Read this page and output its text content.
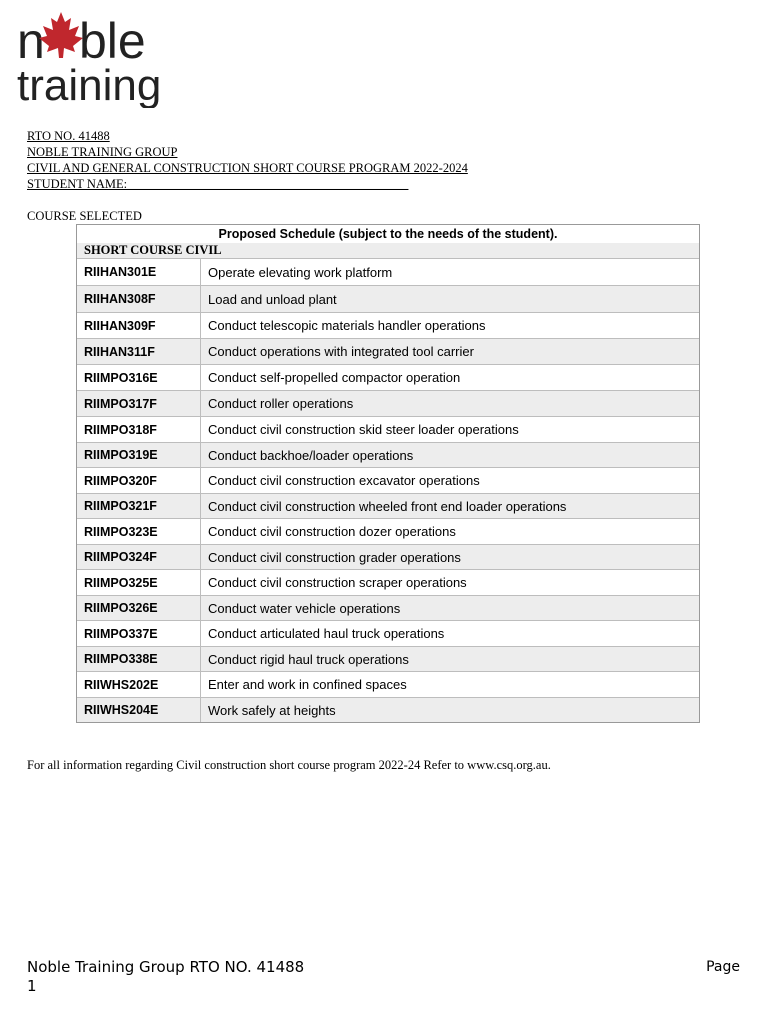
n ble
training
RTO NO. 41488
NOBLE TRAINING GROUP
CIVIL AND GENERAL CONSTRUCTION SHORT COURSE PROGRAM 2022-2024
STUDENT NAME:_____________________________________________
COURSE SELECTED
Proposed Schedule (subject to the needs of the student).
SHORT COURSE CIVIL
RIIHAN301E	Operate elevating work platform
RIIHAN308F	Load and unload plant
RIIHAN309F	Conduct telescopic materials handler operations
RIIHAN311F	Conduct operations with integrated tool carrier
RIIMPO316E	Conduct self-propelled compactor operation
RIIMPO317F	Conduct roller operations
RIIMPO318F	Conduct civil construction skid steer loader operations
RIIMPO319E	Conduct backhoe/loader operations
RIIMPO320F	Conduct civil construction excavator operations
RIIMPO321F	Conduct civil construction wheeled front end loader operations
RIIMPO323E	Conduct civil construction dozer operations
RIIMPO324F	Conduct civil construction grader operations
RIIMPO325E	Conduct civil construction scraper operations
RIIMPO326E	Conduct water vehicle operations
RIIMPO337E	Conduct articulated haul truck operations
RIIMPO338E	Conduct rigid haul truck operations
RIIWHS202E	Enter and work in confined spaces
RIIWHS204E	Work safely at heights
For all information regarding Civil construction short course program 2022-24 Refer to www.csq.org.au.
Noble Training Group RTO NO. 41488
1
Page
